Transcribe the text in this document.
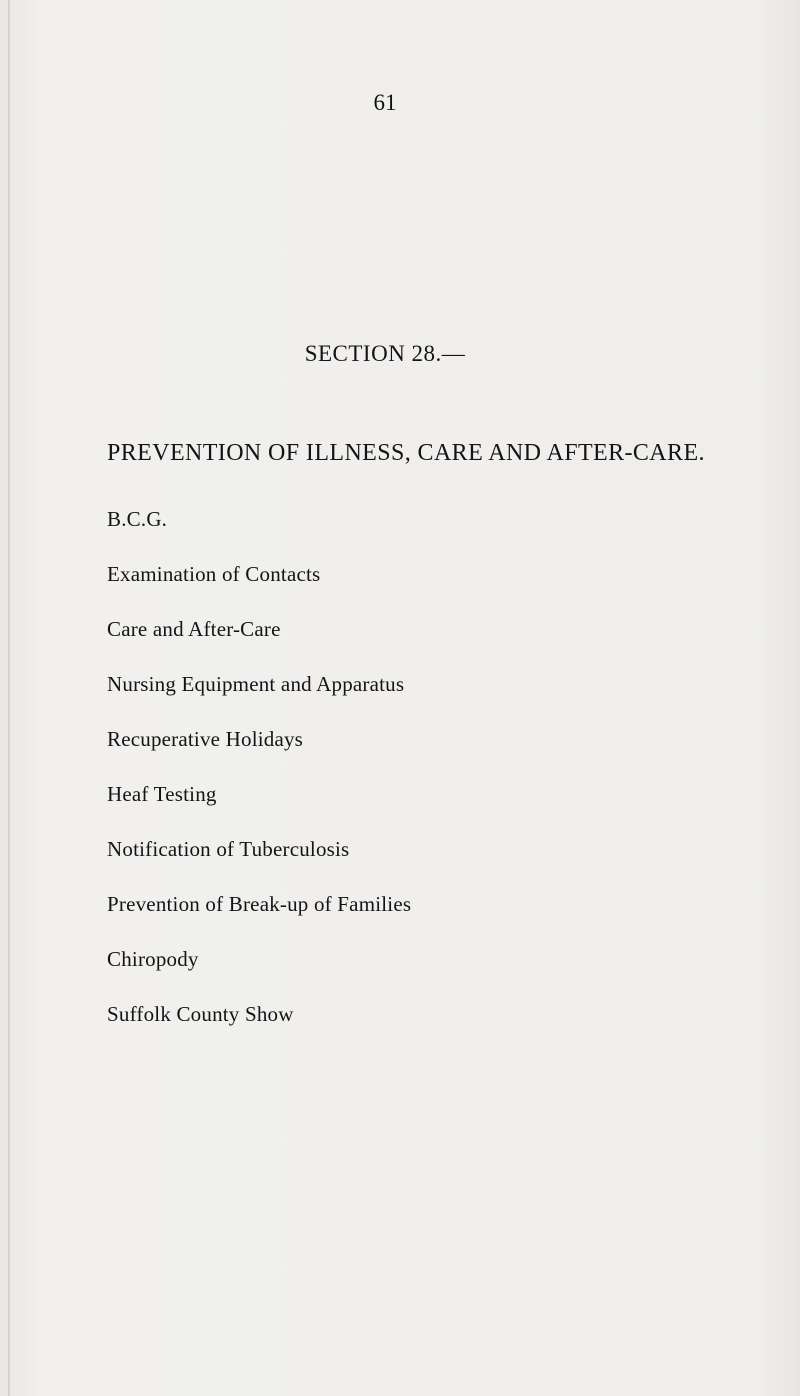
61
SECTION 28.—
PREVENTION OF ILLNESS, CARE AND AFTER-CARE.
B.C.G.
Examination of Contacts
Care and After-Care
Nursing Equipment and Apparatus
Recuperative Holidays
Heaf Testing
Notification of Tuberculosis
Prevention of Break-up of Families
Chiropody
Suffolk County Show
